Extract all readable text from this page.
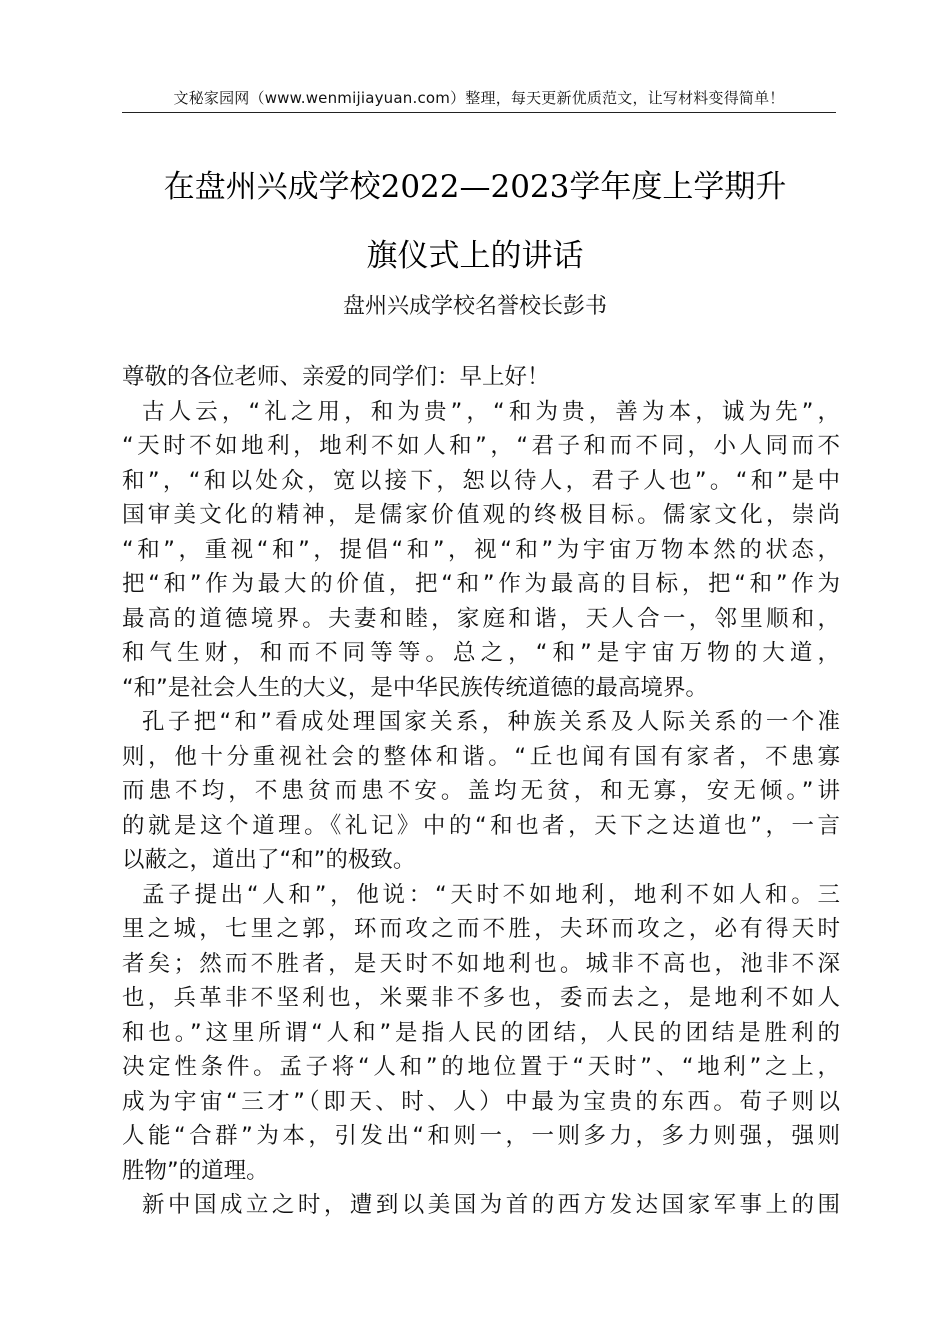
文秘家园网（www.wenmijiayuan.com）整理，每天更新优质范文，让写材料变得简单！
在盘州兴成学校2022—2023学年度上学期升
旗仪式上的讲话
盘州兴成学校名誉校长彭书
尊敬的各位老师、亲爱的同学们：早上好！
古人云，“礼之用，和为贵”，“和为贵，善为本，诚为先”，
“天时不如地利，地利不如人和”，“君子和而不同，小人同而不
和”，“和以处众，宽以接下，恕以待人，君子人也”。“和”是中
国审美文化的精神，是儒家价值观的终极目标。儒家文化，崇尚
“和”，重视“和”，提倡“和”，视“和”为宇宙万物本然的状态，
把“和”作为最大的价值，把“和”作为最高的目标，把“和”作为
最高的道德境界。夫妻和睦，家庭和谐，天人合一，邻里顺和，
和气生财，和而不同等等。总之，“和”是宇宙万物的大道，
“和”是社会人生的大义，是中华民族传统道德的最高境界。
孔子把“和”看成处理国家关系，种族关系及人际关系的一个准
则，他十分重视社会的整体和谐。“丘也闻有国有家者，不患寡
而患不均，不患贫而患不安。盖均无贫，和无寡，安无倾。”讲
的就是这个道理。《礼记》中的“和也者，天下之达道也”，一言
以蔽之，道出了“和”的极致。
孟子提出“人和”，他说：“天时不如地利，地利不如人和。三
里之城，七里之郭，环而攻之而不胜，夫环而攻之，必有得天时
者矣；然而不胜者，是天时不如地利也。城非不高也，池非不深
也，兵革非不坚利也，米粟非不多也，委而去之，是地利不如人
和也。”这里所谓“人和”是指人民的团结，人民的团结是胜利的
决定性条件。孟子将“人和”的地位置于“天时”、“地利”之上，
成为宇宙“三才”（即天、时、人）中最为宝贵的东西。荀子则以
人能“合群”为本，引发出“和则一，一则多力，多力则强，强则
胜物”的道理。
新中国成立之时，遭到以美国为首的西方发达国家军事上的围
